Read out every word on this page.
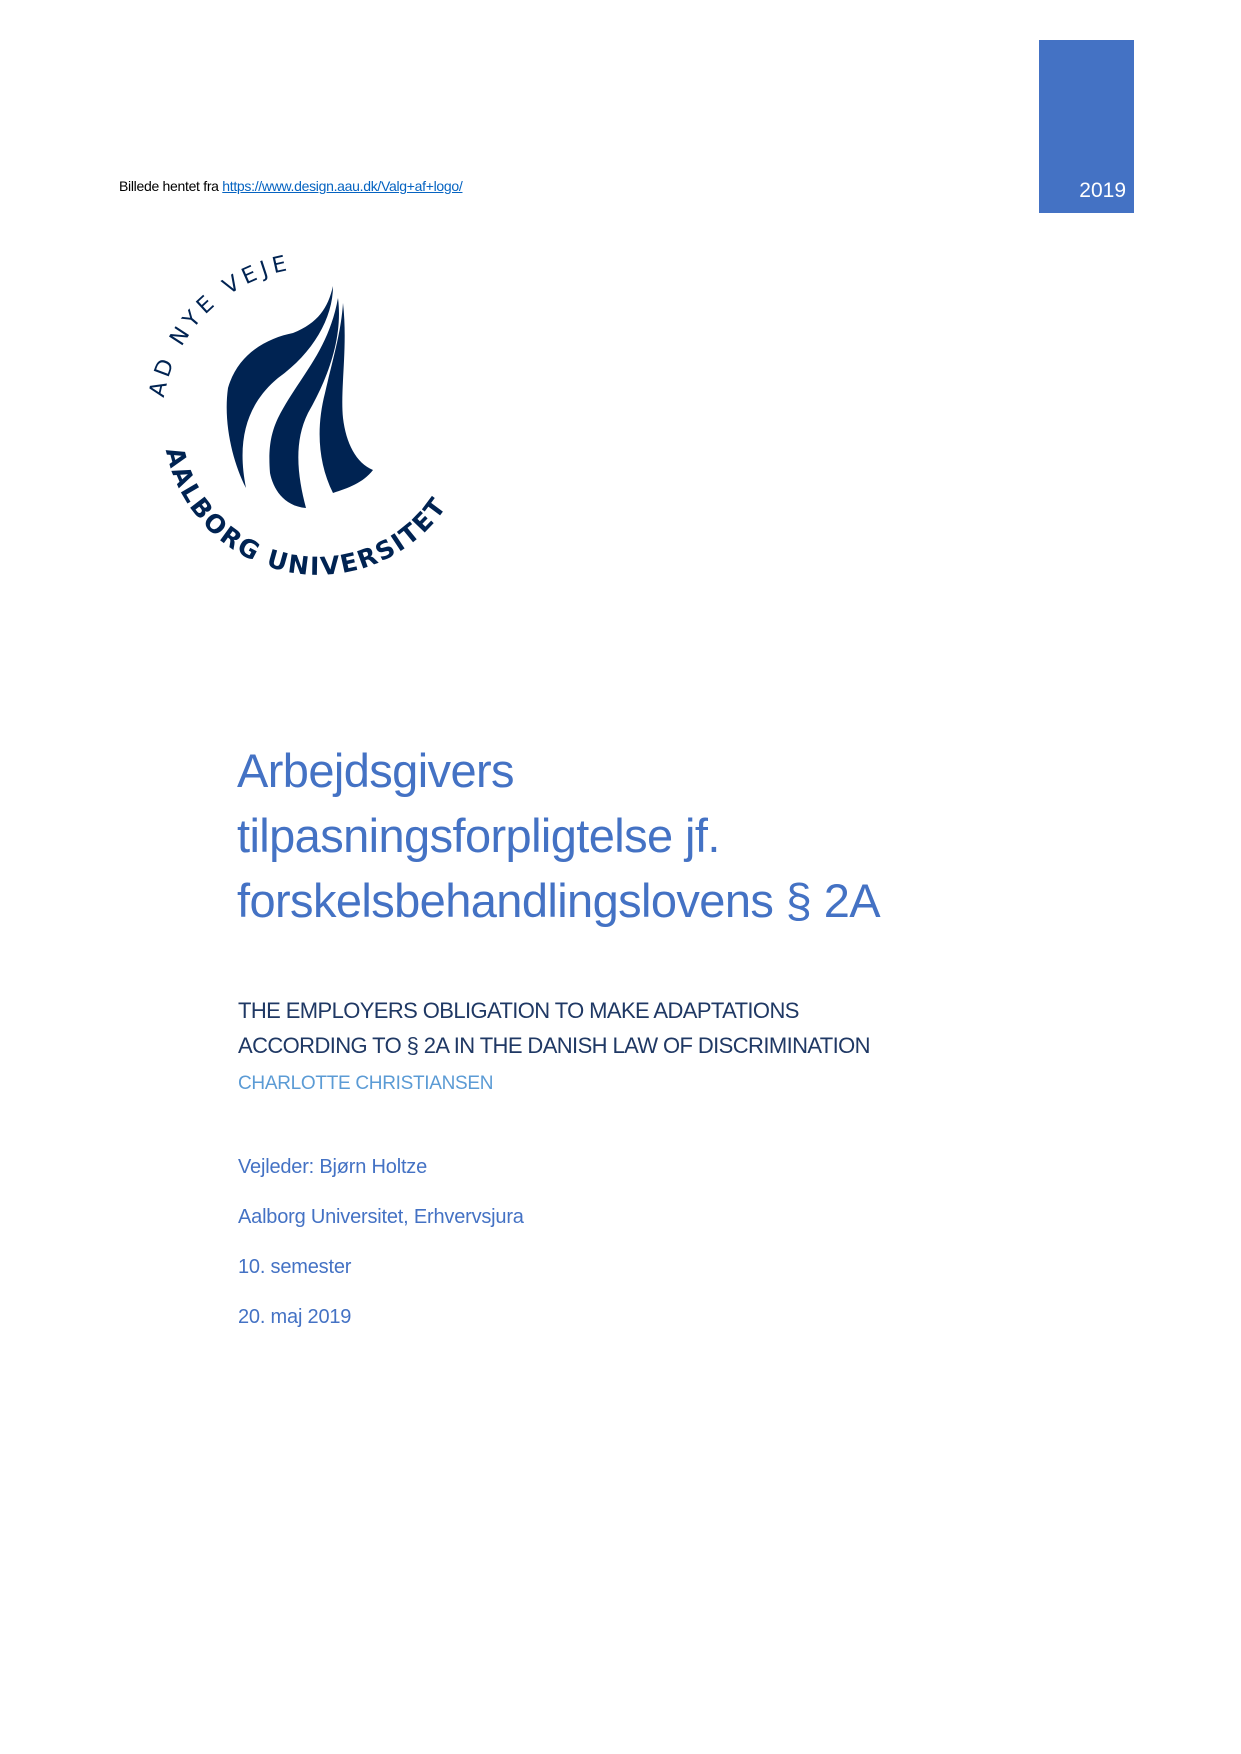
2019
Billede hentet fra https://www.design.aau.dk/Valg+af+logo/
AD NYE VEJE
AALBORG UNIVERSITET
Arbejdsgivers
tilpasningsforpligtelse jf.
forskelsbehandlingslovens § 2A
THE EMPLOYERS OBLIGATION TO MAKE ADAPTATIONS
ACCORDING TO § 2A IN THE DANISH LAW OF DISCRIMINATION
CHARLOTTE CHRISTIANSEN
Vejleder: Bjørn Holtze
Aalborg Universitet, Erhvervsjura
10. semester
20. maj 2019
